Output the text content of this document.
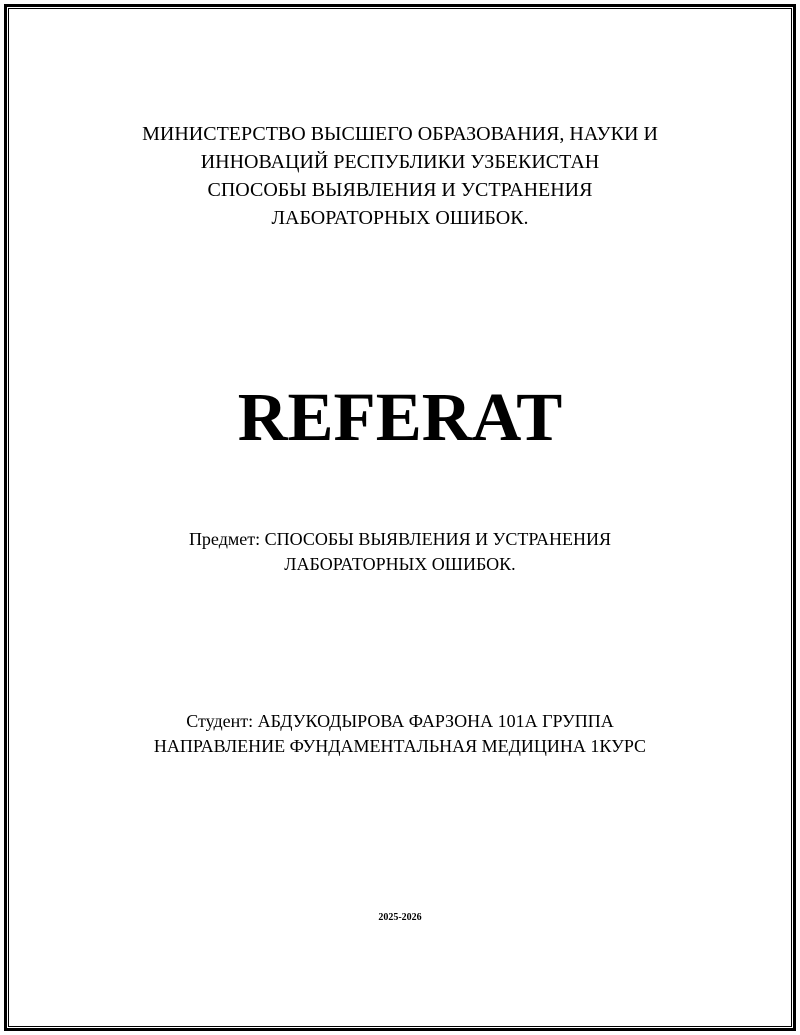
МИНИСТЕРСТВО ВЫСШЕГО ОБРАЗОВАНИЯ, НАУКИ И
ИННОВАЦИЙ РЕСПУБЛИКИ УЗБЕКИСТАН
СПОСОБЫ ВЫЯВЛЕНИЯ И УСТРАНЕНИЯ
ЛАБОРАТОРНЫХ ОШИБОК.
REFERAT
Предмет: СПОСОБЫ ВЫЯВЛЕНИЯ И УСТРАНЕНИЯ
ЛАБОРАТОРНЫХ ОШИБОК.
Студент: АБДУКОДЫРОВА ФАРЗОНА 101А ГРУППА
НАПРАВЛЕНИЕ ФУНДАМЕНТАЛЬНАЯ МЕДИЦИНА 1КУРС
2025-2026
